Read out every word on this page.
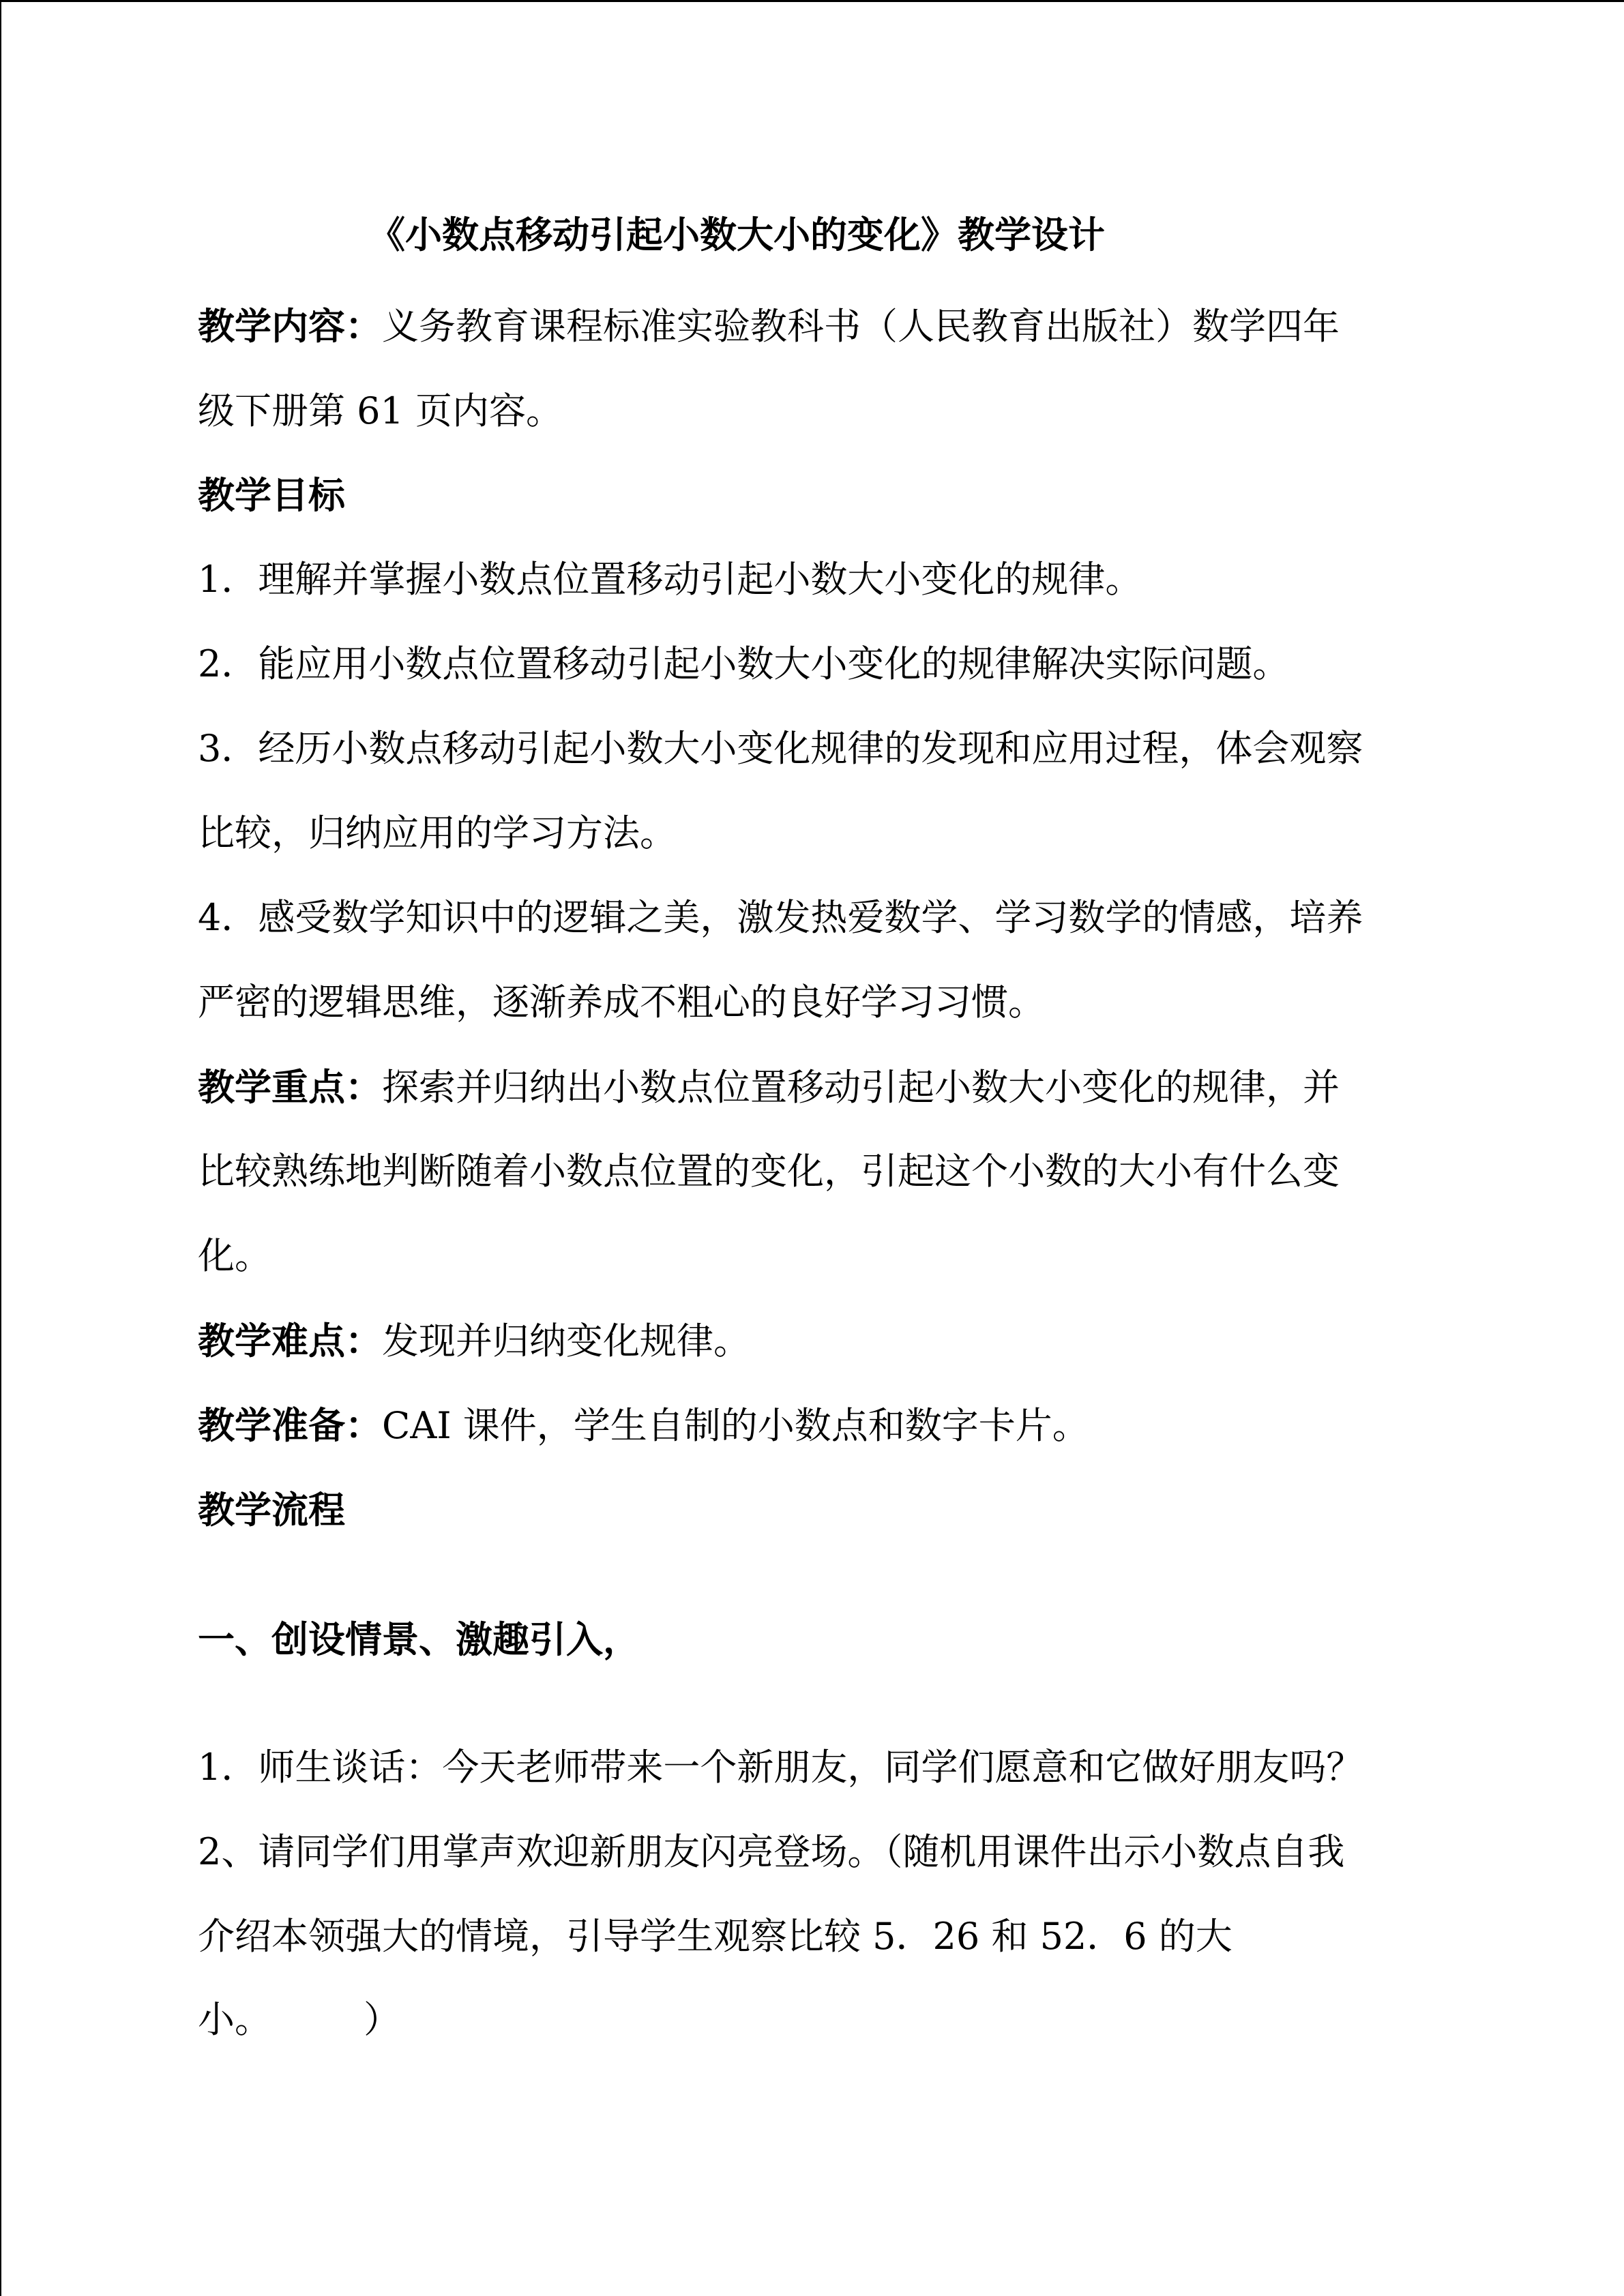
《小数点移动引起小数大小的变化》教学设计
教学内容：义务教育课程标准实验教科书（人民教育出版社）数学四年
级下册第 61 页内容。
教学目标
1．理解并掌握小数点位置移动引起小数大小变化的规律。
2．能应用小数点位置移动引起小数大小变化的规律解决实际问题。
3．经历小数点移动引起小数大小变化规律的发现和应用过程，体会观察
比较，归纳应用的学习方法。
4．感受数学知识中的逻辑之美，激发热爱数学、学习数学的情感，培养
严密的逻辑思维，逐渐养成不粗心的良好学习习惯。
教学重点：探索并归纳出小数点位置移动引起小数大小变化的规律，并
比较熟练地判断随着小数点位置的变化，引起这个小数的大小有什么变
化。
教学难点：发现并归纳变化规律。
教学准备：CAI 课件，学生自制的小数点和数字卡片。
教学流程
一、创设情景、激趣引入，
1．师生谈话：今天老师带来一个新朋友，同学们愿意和它做好朋友吗？
2、请同学们用掌声欢迎新朋友闪亮登场。（随机用课件出示小数点自我
介绍本领强大的情境，引导学生观察比较 5．26 和 52．6 的大
小。　　　）
